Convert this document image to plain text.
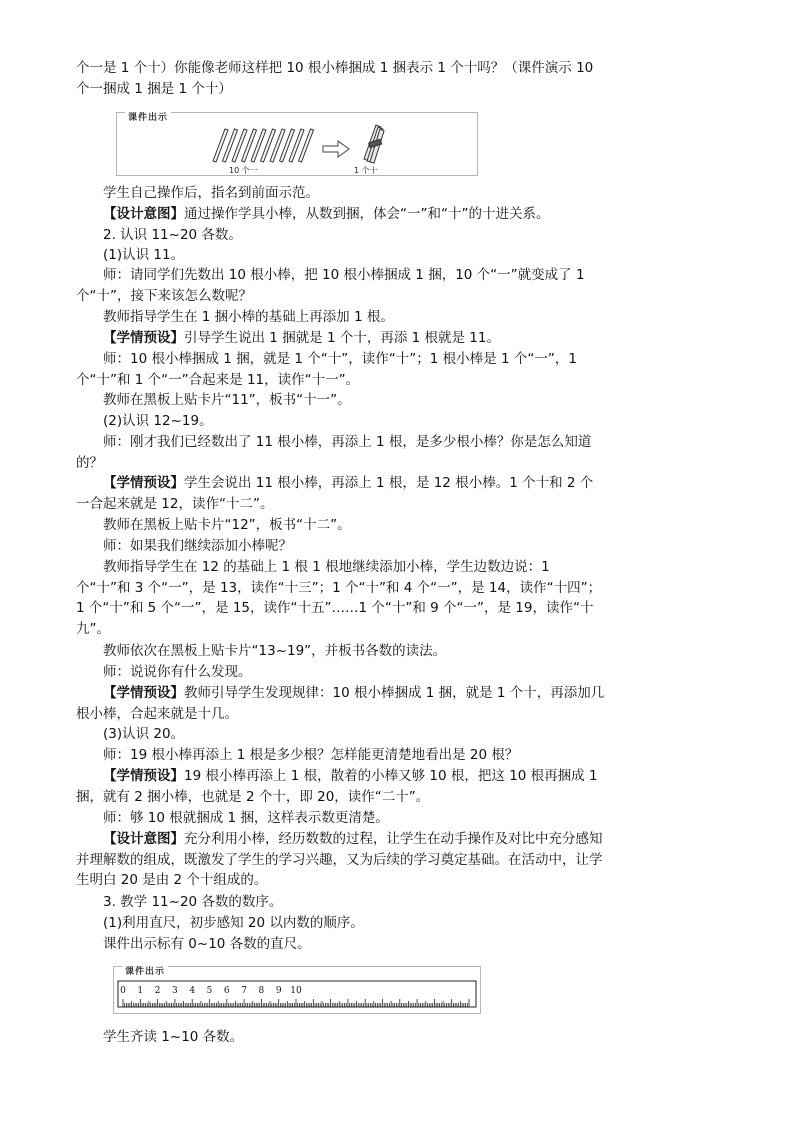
个一是 1 个十）你能像老师这样把 10 根小棒捆成 1 捆表示 1 个十吗？（课件演示 10 个一捆成 1 捆是 1 个十）

学生自己操作后，指名到前面示范。

【设计意图】通过操作学具小棒，从数到捆，体会“一”和“十”的十进关系。

2. 认识 11~20 各数。

(1)认识 11。

师：请同学们先数出 10 根小棒，把 10 根小棒捆成 1 捆，10 个“一”就变成了 1 个“十”，接下来该怎么数呢？

教师指导学生在 1 捆小棒的基础上再添加 1 根。

【学情预设】引导学生说出 1 捆就是 1 个十，再添 1 根就是 11。

师：10 根小棒捆成 1 捆，就是 1 个“十”，读作“十”；1 根小棒是 1 个“一”，1 个“十”和 1 个“一”合起来是 11，读作“十一”。

教师在黑板上贴卡片“11”，板书“十一”。

(2)认识 12~19。

师：刚才我们已经数出了 11 根小棒，再添上 1 根，是多少根小棒？你是怎么知道的？

【学情预设】学生会说出 11 根小棒，再添上 1 根，是 12 根小棒。1 个十和 2 个一合起来就是 12，读作“十二”。

教师在黑板上贴卡片“12”，板书“十二”。

师：如果我们继续添加小棒呢？

教师指导学生在 12 的基础上 1 根 1 根地继续添加小棒，学生边数边说：1 个“十”和 3 个“一”，是 13，读作“十三”；1 个“十”和 4 个“一”，是 14，读作“十四”；1 个“十”和 5 个“一”，是 15，读作“十五”……1 个“十”和 9 个“一”，是 19，读作“十九”。

教师依次在黑板上贴卡片“13~19”，并板书各数的读法。

师：说说你有什么发现。

【学情预设】教师引导学生发现规律：10 根小棒捆成 1 捆，就是 1 个十，再添加几根小棒，合起来就是十几。

(3)认识 20。

师：19 根小棒再添上 1 根是多少根？怎样能更清楚地看出是 20 根？

【学情预设】19 根小棒再添上 1 根，散着的小棒又够 10 根，把这 10 根再捆成 1 捆，就有 2 捆小棒，也就是 2 个十，即 20，读作“二十”。

师：够 10 根就捆成 1 捆，这样表示数更清楚。

【设计意图】充分利用小棒，经历数数的过程，让学生在动手操作及对比中充分感知并理解数的组成，既激发了学生的学习兴趣，又为后续的学习奠定基础。在活动中，让学生明白 20 是由 2 个十组成的。

3. 教学 11~20 各数的数序。

(1)利用直尺，初步感知 20 以内数的顺序。

课件出示标有 0~10 各数的直尺。

学生齐读 1~10 各数。

课件出示
10 个一	1 个十
课件出示
0 1 2 3 4 5 6 7 8 9 10
